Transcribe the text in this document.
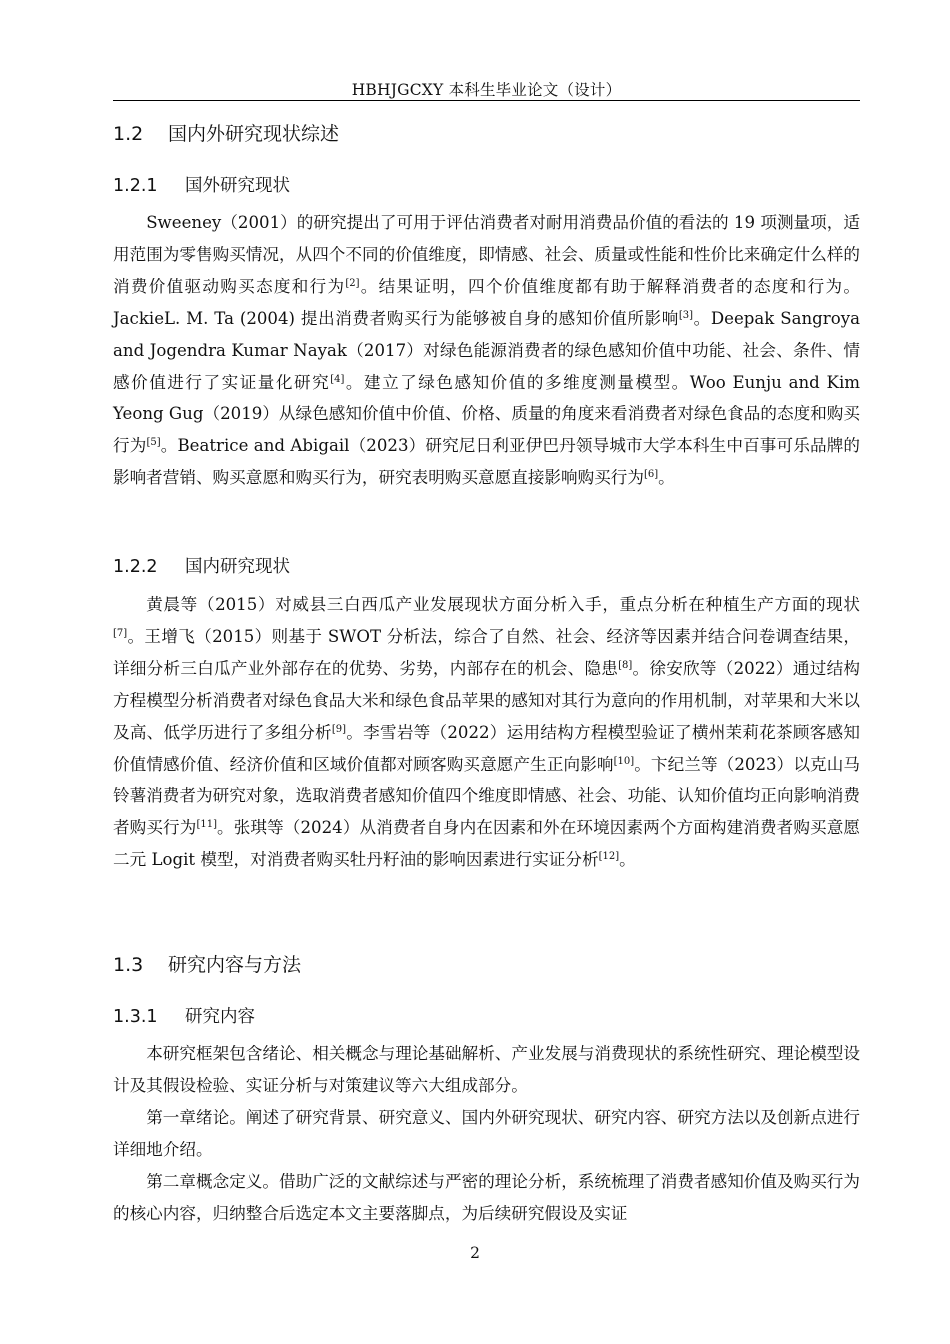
HBHJGCXY 本科生毕业论文（设计）
1.2 国内外研究现状综述
1.2.1 国外研究现状

Sweeney（2001）的研究提出了可用于评估消费者对耐用消费品价值的看法的 19 项测量项，适用范围为零售购买情况，从四个不同的价值维度，即情感、社会、质量或性能和性价比来确定什么样的消费价值驱动购买态度和行为[2]。结果证明，四个价值维度都有助于解释消费者的态度和行为。JackieL. M. Ta (2004) 提出消费者购买行为能够被自身的感知价值所影响[3]。Deepak Sangroya and Jogendra Kumar Nayak（2017）对绿色能源消费者的绿色感知价值中功能、社会、条件、情感价值进行了实证量化研究[4]。建立了绿色感知价值的多维度测量模型。Woo Eunju and Kim Yeong Gug（2019）从绿色感知价值中价值、价格、质量的角度来看消费者对绿色食品的态度和购买行为[5]。Beatrice and Abigail（2023）研究尼日利亚伊巴丹领导城市大学本科生中百事可乐品牌的影响者营销、购买意愿和购买行为，研究表明购买意愿直接影响购买行为[6]。

1.2.2 国内研究现状

黄晨等（2015）对威县三白西瓜产业发展现状方面分析入手，重点分析在种植生产方面的现状[7]。王增飞（2015）则基于 SWOT 分析法，综合了自然、社会、经济等因素并结合问卷调查结果，详细分析三白瓜产业外部存在的优势、劣势，内部存在的机会、隐患[8]。徐安欣等（2022）通过结构方程模型分析消费者对绿色食品大米和绿色食品苹果的感知对其行为意向的作用机制，对苹果和大米以及高、低学历进行了多组分析[9]。李雪岩等（2022）运用结构方程模型验证了横州茉莉花茶顾客感知价值情感价值、经济价值和区域价值都对顾客购买意愿产生正向影响[10]。卞纪兰等（2023）以克山马铃薯消费者为研究对象，选取消费者感知价值四个维度即情感、社会、功能、认知价值均正向影响消费者购买行为[11]。张琪等（2024）从消费者自身内在因素和外在环境因素两个方面构建消费者购买意愿二元 Logit 模型，对消费者购买牡丹籽油的影响因素进行实证分析[12]。

1.3 研究内容与方法
1.3.1 研究内容

本研究框架包含绪论、相关概念与理论基础解析、产业发展与消费现状的系统性研究、理论模型设计及其假设检验、实证分析与对策建议等六大组成部分。

第一章绪论。阐述了研究背景、研究意义、国内外研究现状、研究内容、研究方法以及创新点进行详细地介绍。

第二章概念定义。借助广泛的文献综述与严密的理论分析，系统梳理了消费者感知价值及购买行为的核心内容，归纳整合后选定本文主要落脚点，为后续研究假设及实证

2
